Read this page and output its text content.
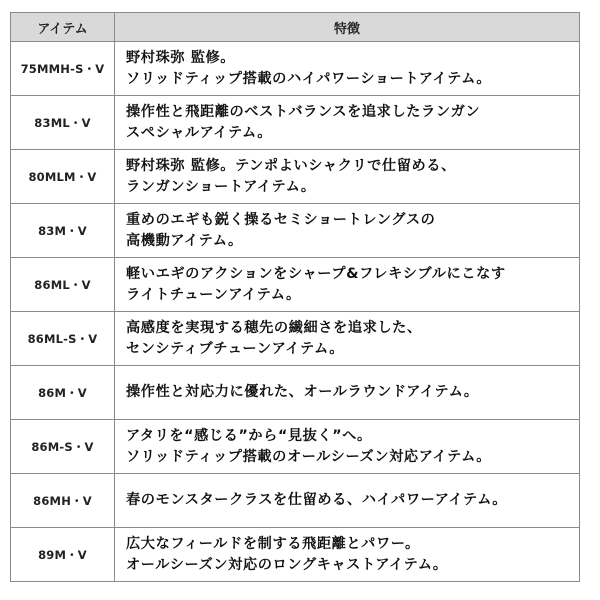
アイテム	特徴
75MMH-S・V	野村珠弥 監修。
ソリッドティップ搭載のハイパワーショートアイテム。

83ML・V	操作性と飛距離のベストバランスを追求したランガン
スペシャルアイテム。

80MLM・V	野村珠弥 監修。テンポよいシャクリで仕留める、
ランガンショートアイテム。

83M・V	重めのエギも鋭く操るセミショートレングスの
高機動アイテム。

86ML・V	軽いエギのアクションをシャープ&フレキシブルにこなす
ライトチューンアイテム。

86ML-S・V	高感度を実現する穂先の繊細さを追求した、
センシティブチューンアイテム。

86M・V	操作性と対応力に優れた、オールラウンドアイテム。

86M-S・V	アタリを“感じる”から“見抜く”へ。
ソリッドティップ搭載のオールシーズン対応アイテム。

86MH・V	春のモンスタークラスを仕留める、ハイパワーアイテム。

89M・V	広大なフィールドを制する飛距離とパワー。
オールシーズン対応のロングキャストアイテム。
